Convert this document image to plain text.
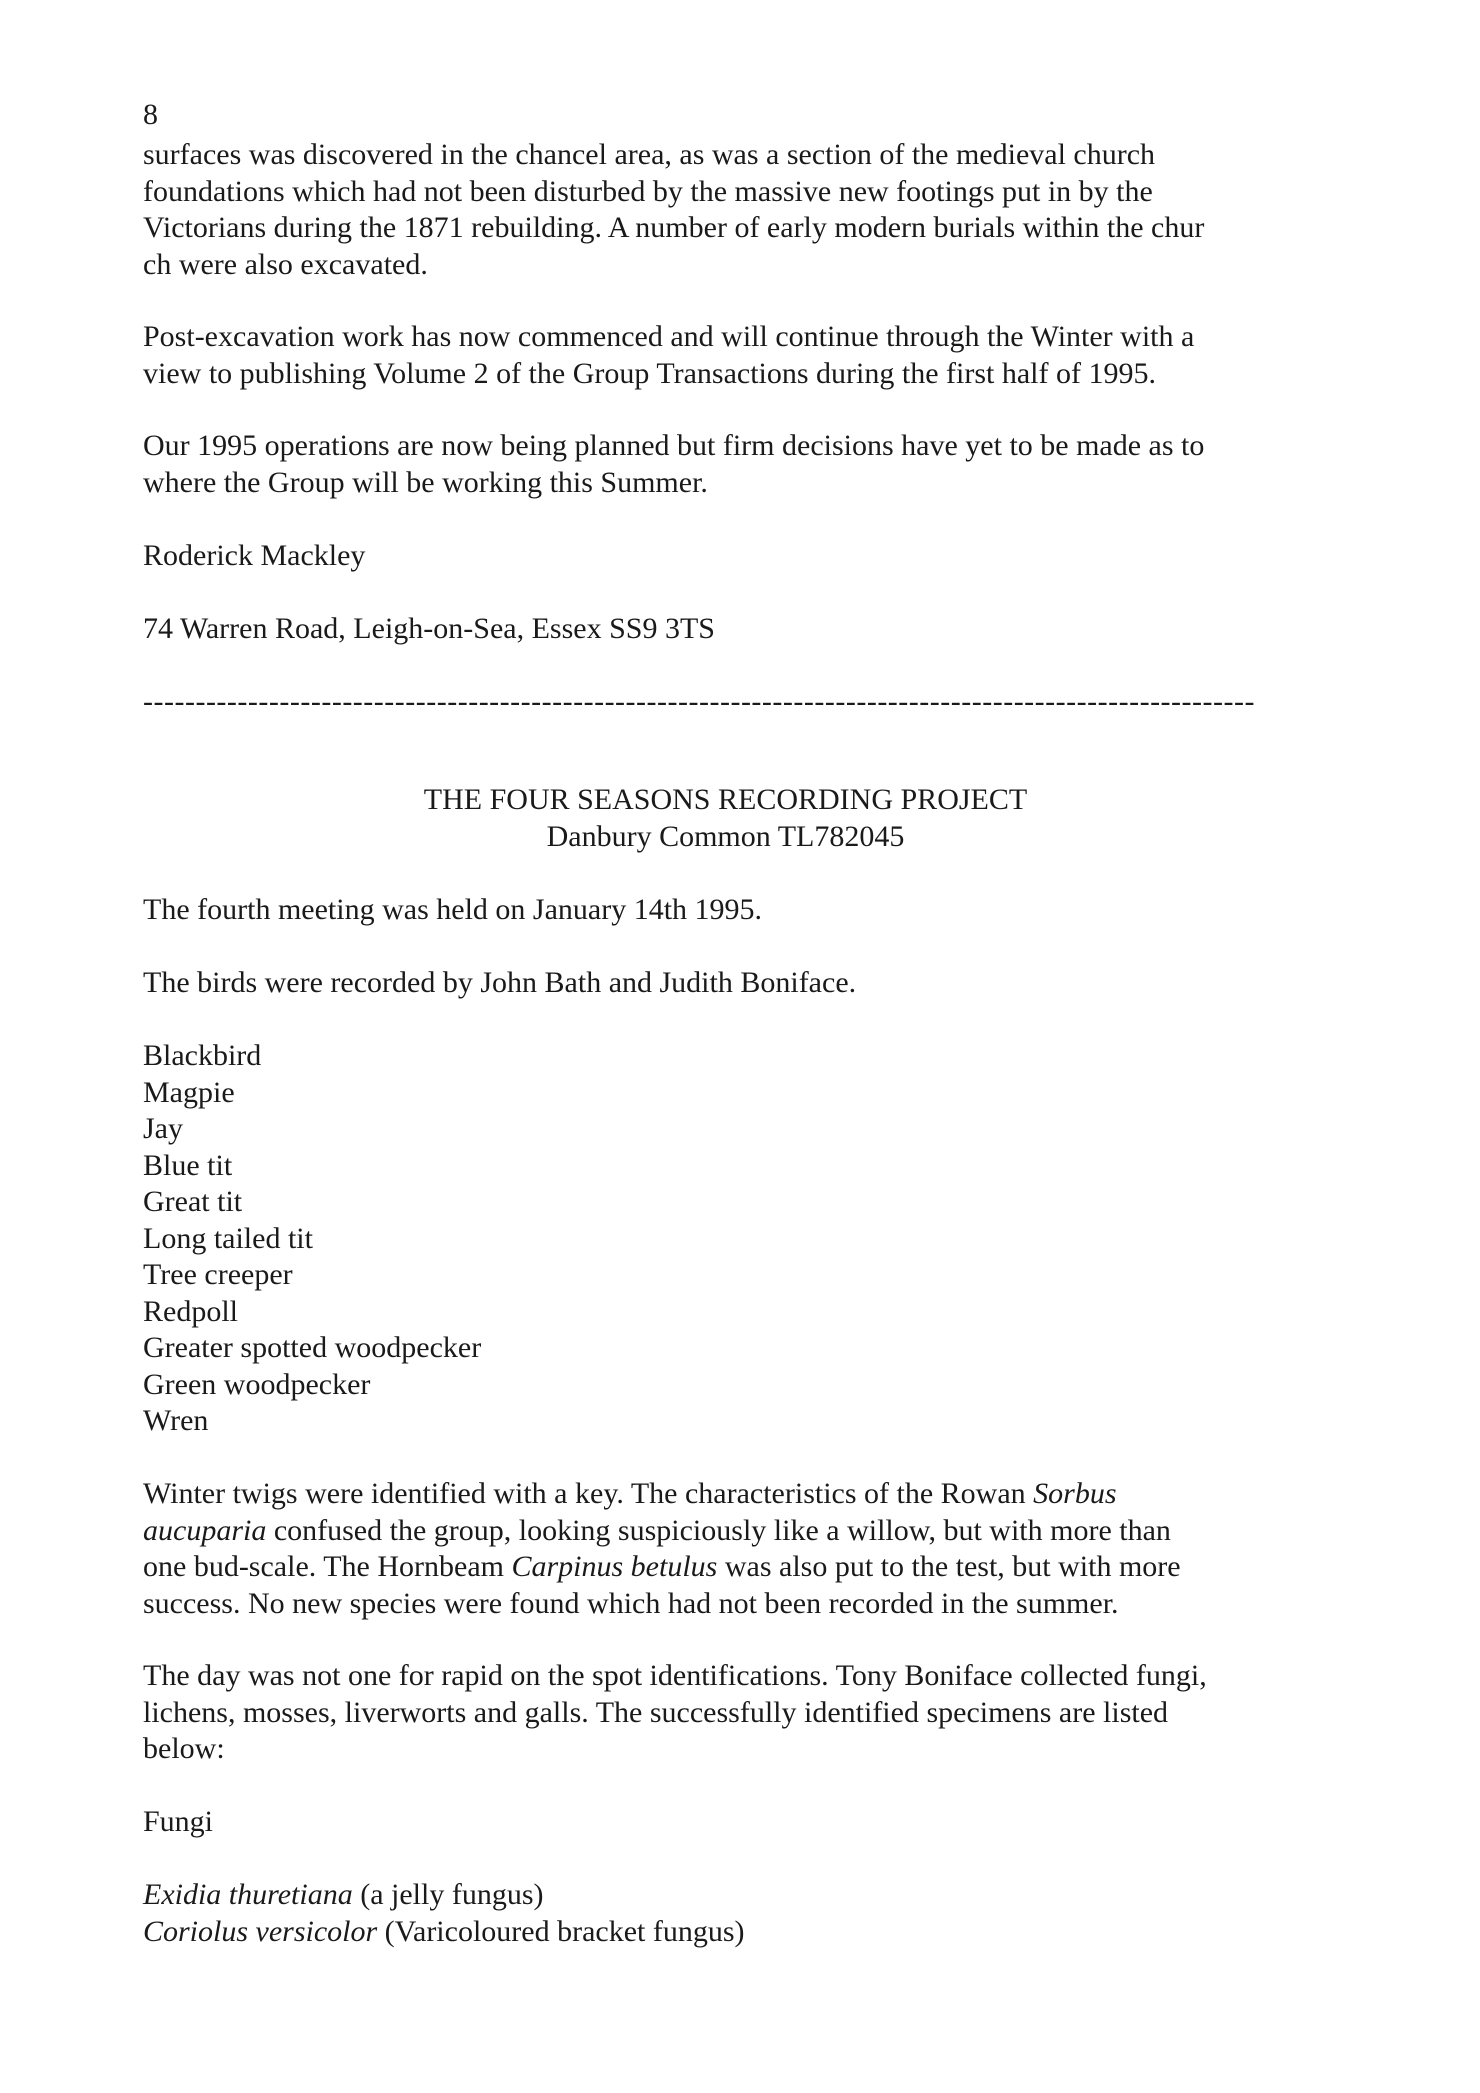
8
surfaces was discovered in the chancel area, as was a section of the medieval church
foundations which had not been disturbed by the massive new footings put in by the
Victorians during the 1871 rebuilding. A number of early modern burials within the chur
ch were also excavated.
Post-excavation work has now commenced and will continue through the Winter with a
view to publishing Volume 2 of the Group Transactions during the first half of 1995.
Our 1995 operations are now being planned but firm decisions have yet to be made as to
where the Group will be working this Summer.
Roderick Mackley
74 Warren Road, Leigh-on-Sea, Essex SS9 3TS
----------------------------------------------------------------------------------------------------------
THE FOUR SEASONS RECORDING PROJECT
Danbury Common TL782045
The fourth meeting was held on January 14th 1995.
The birds were recorded by John Bath and Judith Boniface.
Blackbird
Magpie
Jay
Blue tit
Great tit
Long tailed tit
Tree creeper
Redpoll
Greater spotted woodpecker
Green woodpecker
Wren
Winter twigs were identified with a key. The characteristics of the Rowan Sorbus
aucuparia confused the group, looking suspiciously like a willow, but with more than
one bud-scale. The Hornbeam Carpinus betulus was also put to the test, but with more
success. No new species were found which had not been recorded in the summer.
The day was not one for rapid on the spot identifications. Tony Boniface collected fungi,
lichens, mosses, liverworts and galls. The successfully identified specimens are listed
below:
Fungi
Exidia thuretiana (a jelly fungus)
Coriolus versicolor (Varicoloured bracket fungus)
